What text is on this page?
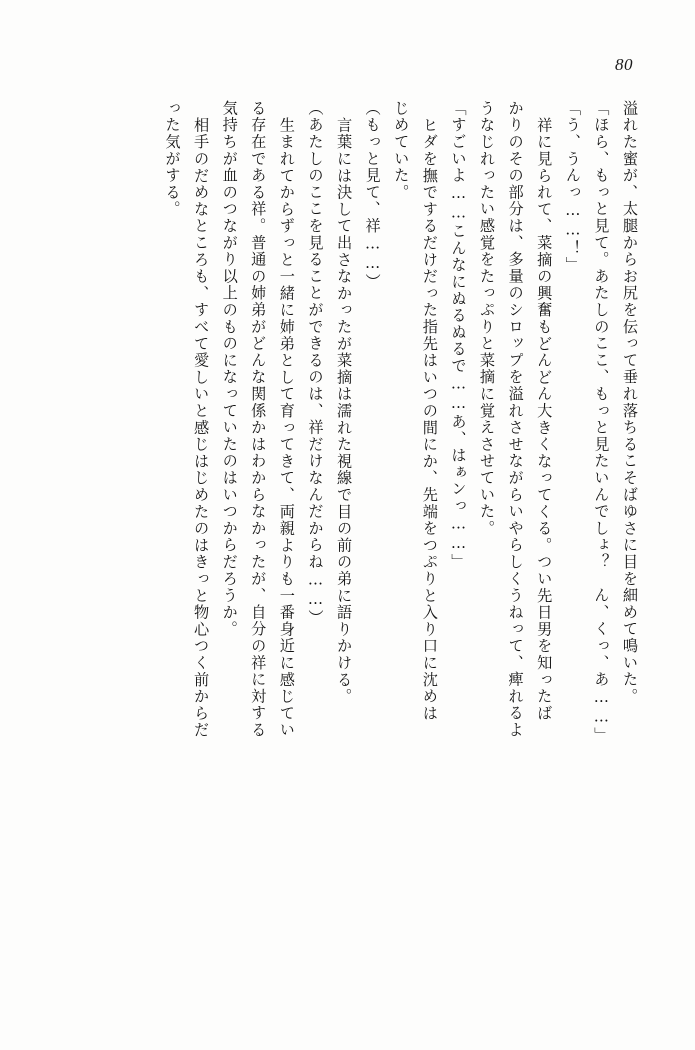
80
溢れた蜜が、太腿からお尻を伝って垂れ落ちるこそばゆさに目を細めて鳴いた。
「ほら、もっと見て。あたしのここ、もっと見たいんでしょ？　ん、くっ、あ……」
「う、うんっ……！」
祥に見られて、菜摘の興奮もどんどん大きくなってくる。つい先日男を知ったば
かりのその部分は、多量のシロップを溢れさせながらいやらしくうねって、痺れるよ
うなじれったい感覚をたっぷりと菜摘に覚えさせていた。
「すごいよ……こんなにぬるぬるで……あ、はぁンっ……」
ヒダを撫でするだけだった指先はいつの間にか、先端をつぷりと入り口に沈めは
じめていた。
（もっと見て、祥……）
言葉には決して出さなかったが菜摘は濡れた視線で目の前の弟に語りかける。
（あたしのここを見ることができるのは、祥だけなんだからね……）
生まれてからずっと一緒に姉弟として育ってきて、両親よりも一番身近に感じてい
る存在である祥。普通の姉弟がどんな関係かはわからなかったが、自分の祥に対する
気持ちが血のつながり以上のものになっていたのはいつからだろうか。
相手のだめなところも、すべて愛しいと感じはじめたのはきっと物心つく前からだ
った気がする。
